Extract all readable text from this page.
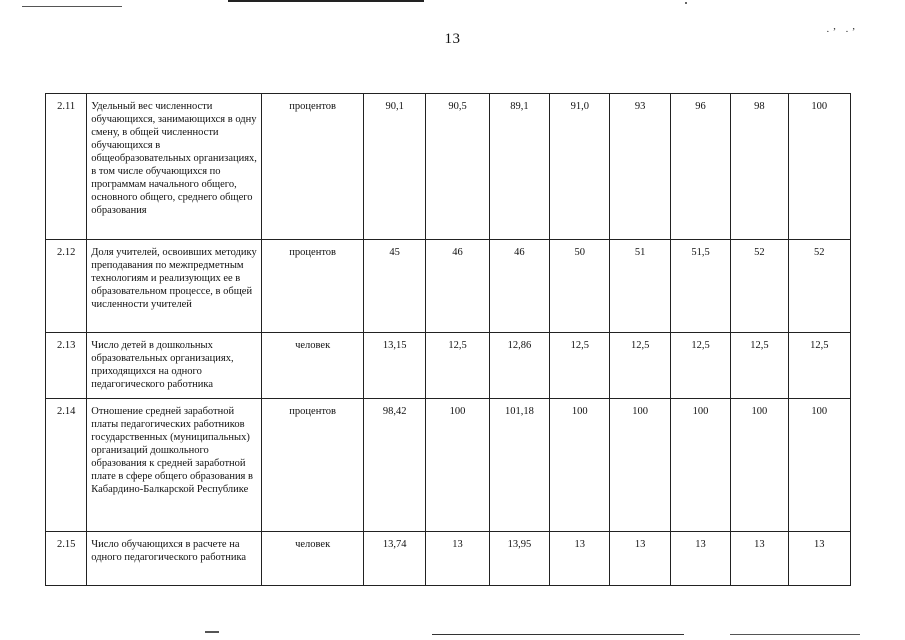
13	·ʼ ·ʼ
2.11	Удельный вес численности обучающихся, занимающихся в одну смену, в общей численности обучающихся в общеобразовательных организациях, в том числе обучающихся по программам начального общего, основного общего, среднего общего образования	процентов	90,1	90,5	89,1	91,0	93	96	98	100
2.12	Доля учителей, освоивших методику преподавания по межпредметным технологиям и реализующих ее в образовательном процессе, в общей численности учителей	процентов	45	46	46	50	51	51,5	52	52
2.13	Число детей в дошкольных образовательных организациях, приходящихся на одного педагогического работника	человек	13,15	12,5	12,86	12,5	12,5	12,5	12,5	12,5
2.14	Отношение средней заработной платы педагогических работников государственных (муниципальных) организаций дошкольного образования к средней заработной плате в сфере общего образования в Кабардино-Балкарской Республике	процентов	98,42	100	101,18	100	100	100	100	100
2.15	Число обучающихся в расчете на одного педагогического работника	человек	13,74	13	13,95	13	13	13	13	13
